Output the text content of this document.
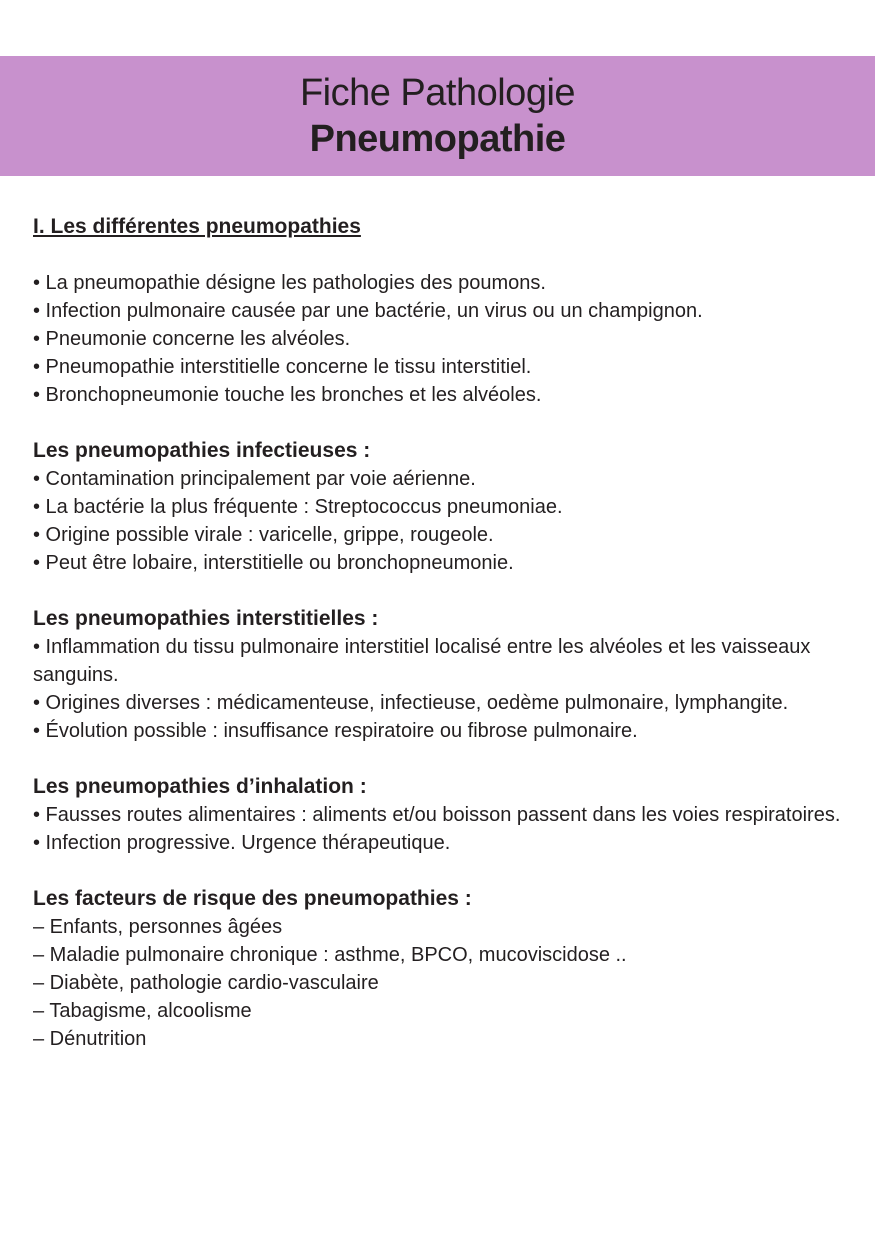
Fiche Pathologie
Pneumopathie
I. Les différentes pneumopathies
• La pneumopathie désigne les pathologies des poumons.
• Infection pulmonaire causée par une bactérie, un virus ou un champignon.
• Pneumonie concerne les alvéoles.
• Pneumopathie interstitielle concerne le tissu interstitiel.
• Bronchopneumonie touche les bronches et les alvéoles.
Les pneumopathies infectieuses :
• Contamination principalement par voie aérienne.
• La bactérie la plus fréquente : Streptococcus pneumoniae.
• Origine possible virale : varicelle, grippe, rougeole.
• Peut être lobaire, interstitielle ou bronchopneumonie.
Les pneumopathies interstitielles :
• Inflammation du tissu pulmonaire interstitiel localisé entre les alvéoles et les vaisseaux sanguins.
• Origines diverses : médicamenteuse, infectieuse, oedème pulmonaire, lymphangite.
• Évolution possible : insuffisance respiratoire ou fibrose pulmonaire.
Les pneumopathies d’inhalation :
• Fausses routes alimentaires : aliments et/ou boisson passent dans les voies respiratoires.
• Infection progressive. Urgence thérapeutique.
Les facteurs de risque des pneumopathies :
– Enfants, personnes âgées
– Maladie pulmonaire chronique : asthme, BPCO, mucoviscidose ..
– Diabète, pathologie cardio-vasculaire
– Tabagisme, alcoolisme
– Dénutrition
